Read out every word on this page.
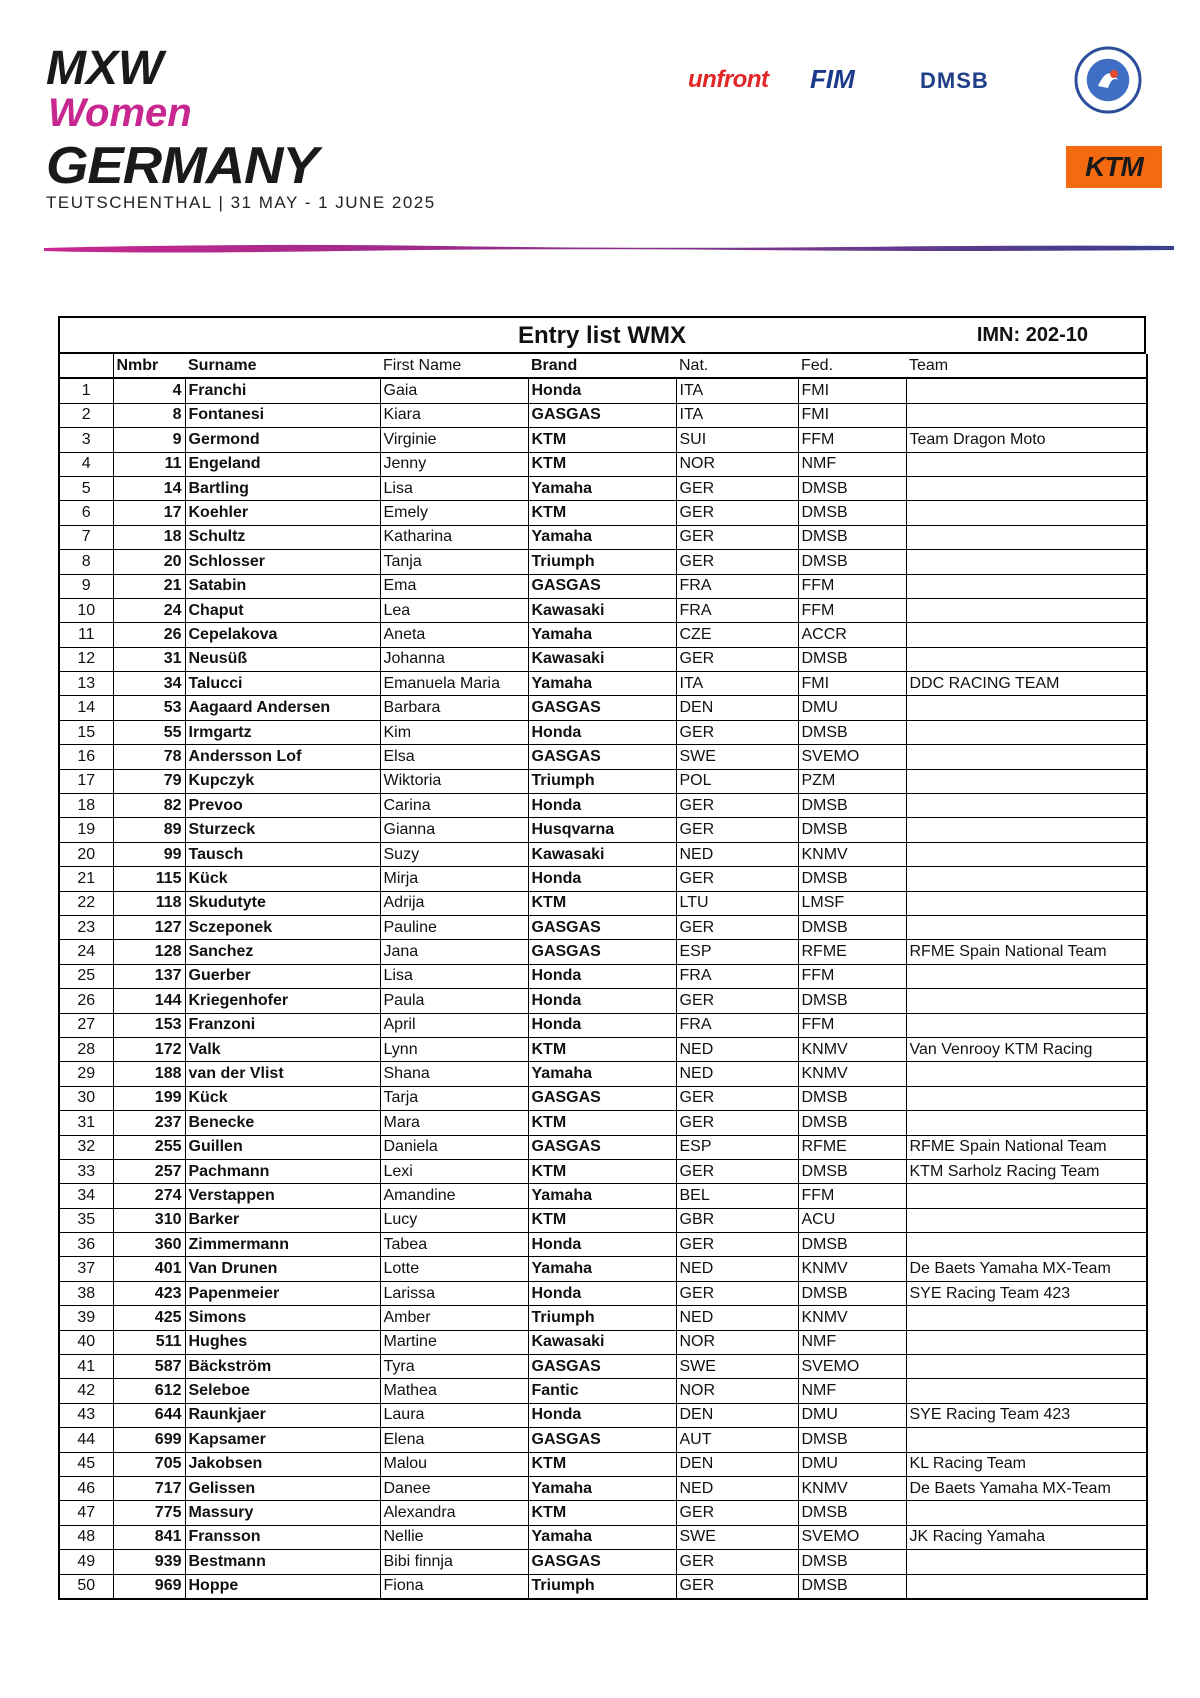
MXW
Women
GERMANY
TEUTSCHENTHAL | 31 MAY - 1 JUNE 2025
unfront FIM	DMSB
KTM
Entry list WMX	IMN: 202-10
	Nmbr	Surname	First Name	Brand	Nat.	Fed.	Team
1	4	Franchi	Gaia	Honda	ITA	FMI	
2	8	Fontanesi	Kiara	GASGAS	ITA	FMI	
3	9	Germond	Virginie	KTM	SUI	FFM	Team Dragon Moto
4	11	Engeland	Jenny	KTM	NOR	NMF	
5	14	Bartling	Lisa	Yamaha	GER	DMSB	
6	17	Koehler	Emely	KTM	GER	DMSB	
7	18	Schultz	Katharina	Yamaha	GER	DMSB	
8	20	Schlosser	Tanja	Triumph	GER	DMSB	
9	21	Satabin	Ema	GASGAS	FRA	FFM	
10	24	Chaput	Lea	Kawasaki	FRA	FFM	
11	26	Cepelakova	Aneta	Yamaha	CZE	ACCR	
12	31	Neusüß	Johanna	Kawasaki	GER	DMSB	
13	34	Talucci	Emanuela Maria	Yamaha	ITA	FMI	DDC RACING TEAM
14	53	Aagaard Andersen	Barbara	GASGAS	DEN	DMU	
15	55	Irmgartz	Kim	Honda	GER	DMSB	
16	78	Andersson Lof	Elsa	GASGAS	SWE	SVEMO	
17	79	Kupczyk	Wiktoria	Triumph	POL	PZM	
18	82	Prevoo	Carina	Honda	GER	DMSB	
19	89	Sturzeck	Gianna	Husqvarna	GER	DMSB	
20	99	Tausch	Suzy	Kawasaki	NED	KNMV	
21	115	Kück	Mirja	Honda	GER	DMSB	
22	118	Skudutyte	Adrija	KTM	LTU	LMSF	
23	127	Sczeponek	Pauline	GASGAS	GER	DMSB	
24	128	Sanchez	Jana	GASGAS	ESP	RFME	RFME Spain National Team
25	137	Guerber	Lisa	Honda	FRA	FFM	
26	144	Kriegenhofer	Paula	Honda	GER	DMSB	
27	153	Franzoni	April	Honda	FRA	FFM	
28	172	Valk	Lynn	KTM	NED	KNMV	Van Venrooy KTM Racing
29	188	van der Vlist	Shana	Yamaha	NED	KNMV	
30	199	Kück	Tarja	GASGAS	GER	DMSB	
31	237	Benecke	Mara	KTM	GER	DMSB	
32	255	Guillen	Daniela	GASGAS	ESP	RFME	RFME Spain National Team
33	257	Pachmann	Lexi	KTM	GER	DMSB	KTM Sarholz Racing Team
34	274	Verstappen	Amandine	Yamaha	BEL	FFM	
35	310	Barker	Lucy	KTM	GBR	ACU	
36	360	Zimmermann	Tabea	Honda	GER	DMSB	
37	401	Van Drunen	Lotte	Yamaha	NED	KNMV	De Baets Yamaha MX-Team
38	423	Papenmeier	Larissa	Honda	GER	DMSB	SYE Racing Team 423
39	425	Simons	Amber	Triumph	NED	KNMV	
40	511	Hughes	Martine	Kawasaki	NOR	NMF	
41	587	Bäckström	Tyra	GASGAS	SWE	SVEMO	
42	612	Seleboe	Mathea	Fantic	NOR	NMF	
43	644	Raunkjaer	Laura	Honda	DEN	DMU	SYE Racing Team 423
44	699	Kapsamer	Elena	GASGAS	AUT	DMSB	
45	705	Jakobsen	Malou	KTM	DEN	DMU	KL Racing Team
46	717	Gelissen	Danee	Yamaha	NED	KNMV	De Baets Yamaha MX-Team
47	775	Massury	Alexandra	KTM	GER	DMSB	
48	841	Fransson	Nellie	Yamaha	SWE	SVEMO	JK Racing Yamaha
49	939	Bestmann	Bibi finnja	GASGAS	GER	DMSB	
50	969	Hoppe	Fiona	Triumph	GER	DMSB	
